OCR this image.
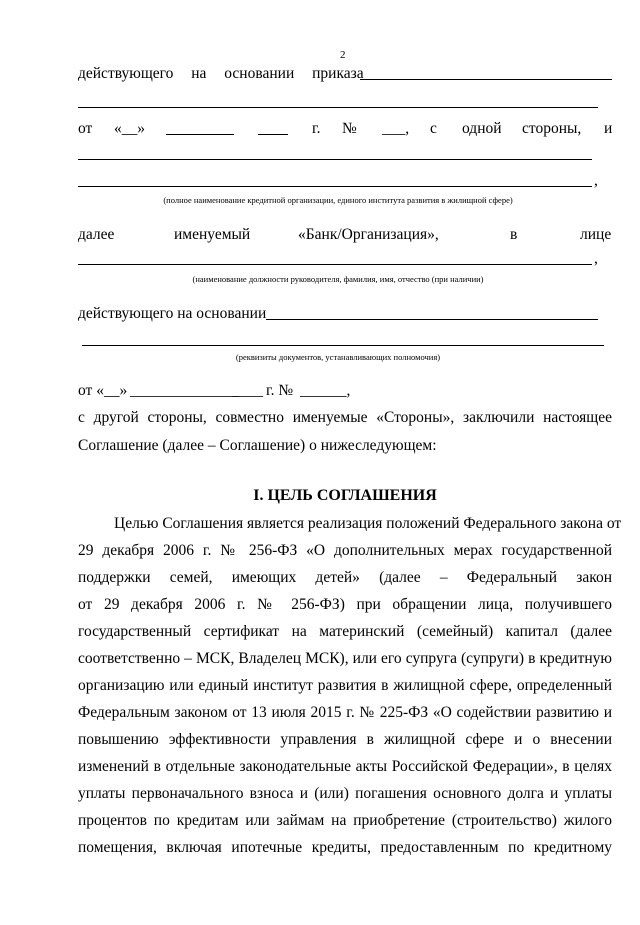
2
действующего на основании приказа
от «__»	г. № ___, с одной стороны, и
,
(полное наименование кредитной организации, единого института развития в жилищной сфере)
далее	именуемый	«Банк/Организация»,	в	лице
,
(наименование должности руководителя, фамилия, имя, отчество (при наличии)
действующего на основании
(реквизиты документов, устанавливающих полномочия)
от «__» ______________
____ г. № ______,
с другой стороны, совместно именуемые «Стороны», заключили настоящее
Соглашение (далее – Соглашение) о нижеследующем:
I. ЦЕЛЬ СОГЛАШЕНИЯ
Целью Соглашения является реализация положений Федерального закона от
29 декабря 2006 г. № 256-ФЗ «О дополнительных мерах государственной
поддержки семей, имеющих детей» (далее – Федеральный закон
от 29 декабря 2006 г. № 256-ФЗ) при обращении лица, получившего
государственный сертификат на материнский (семейный) капитал (далее
соответственно – МСК, Владелец МСК), или его супруга (супруги) в кредитную
организацию или единый институт развития в жилищной сфере, определенный
Федеральным законом от 13 июля 2015 г. № 225-ФЗ «О содействии развитию и
повышению эффективности управления в жилищной сфере и о внесении
изменений в отдельные законодательные акты Российской Федерации», в целях
уплаты первоначального взноса и (или) погашения основного долга и уплаты
процентов по кредитам или займам на приобретение (строительство) жилого
помещения, включая ипотечные кредиты, предоставленным по кредитному
